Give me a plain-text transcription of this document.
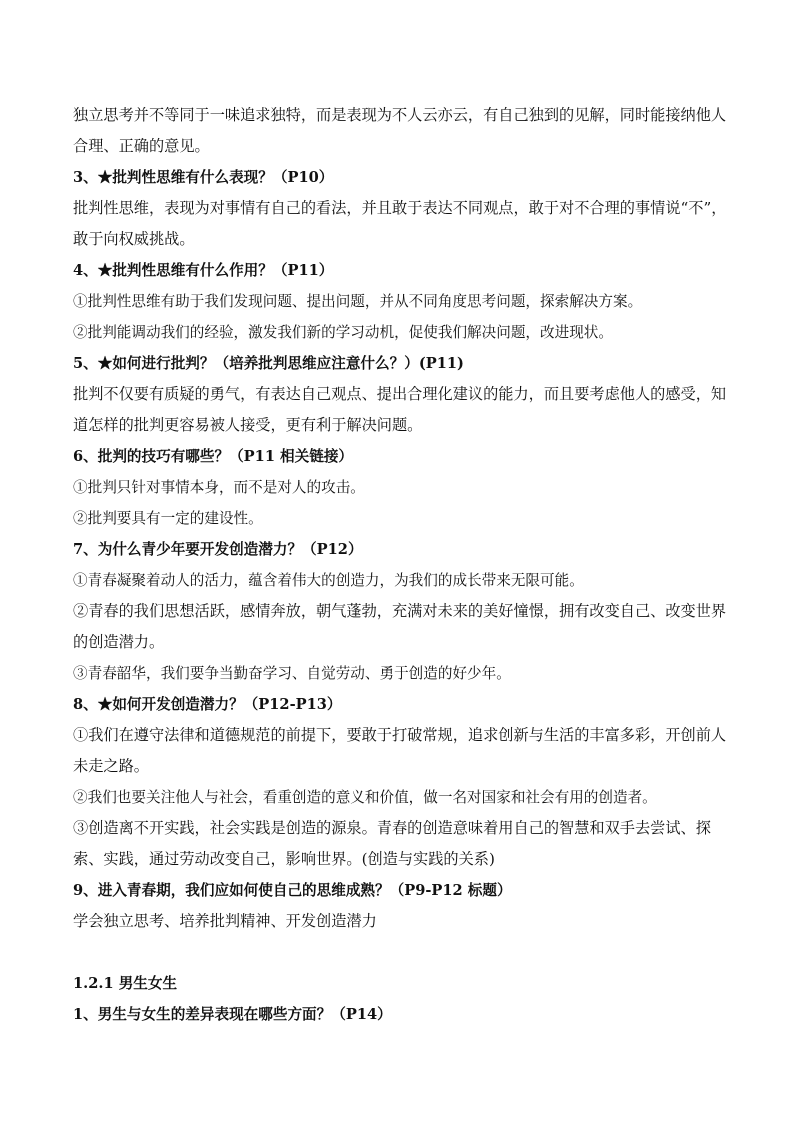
独立思考并不等同于一味追求独特，而是表现为不人云亦云，有自己独到的见解，同时能接纳他人合理、正确的意见。
3、★批判性思维有什么表现？（P10）
批判性思维，表现为对事情有自己的看法，并且敢于表达不同观点，敢于对不合理的事情说“不”，敢于向权威挑战。
4、★批判性思维有什么作用？（P11）
①批判性思维有助于我们发现问题、提出问题，并从不同角度思考问题，探索解决方案。
②批判能调动我们的经验，激发我们新的学习动机，促使我们解决问题，改进现状。
5、★如何进行批判？（培养批判思维应注意什么？）(P11)
批判不仅要有质疑的勇气，有表达自己观点、提出合理化建议的能力，而且要考虑他人的感受，知道怎样的批判更容易被人接受，更有利于解决问题。
6、批判的技巧有哪些？（P11 相关链接）
①批判只针对事情本身，而不是对人的攻击。
②批判要具有一定的建设性。
7、为什么青少年要开发创造潜力？（P12）
①青春凝聚着动人的活力，蕴含着伟大的创造力，为我们的成长带来无限可能。
②青春的我们思想活跃，感情奔放，朝气蓬勃，充满对未来的美好憧憬，拥有改变自己、改变世界的创造潜力。
③青春韶华，我们要争当勤奋学习、自觉劳动、勇于创造的好少年。
8、★如何开发创造潜力？（P12-P13）
①我们在遵守法律和道德规范的前提下，要敢于打破常规，追求创新与生活的丰富多彩，开创前人未走之路。
②我们也要关注他人与社会，看重创造的意义和价值，做一名对国家和社会有用的创造者。
③创造离不开实践，社会实践是创造的源泉。青春的创造意味着用自己的智慧和双手去尝试、探索、实践，通过劳动改变自己，影响世界。(创造与实践的关系)
9、进入青春期，我们应如何使自己的思维成熟？（P9-P12 标题）
学会独立思考、培养批判精神、开发创造潜力
1.2.1 男生女生
1、男生与女生的差异表现在哪些方面？（P14）
